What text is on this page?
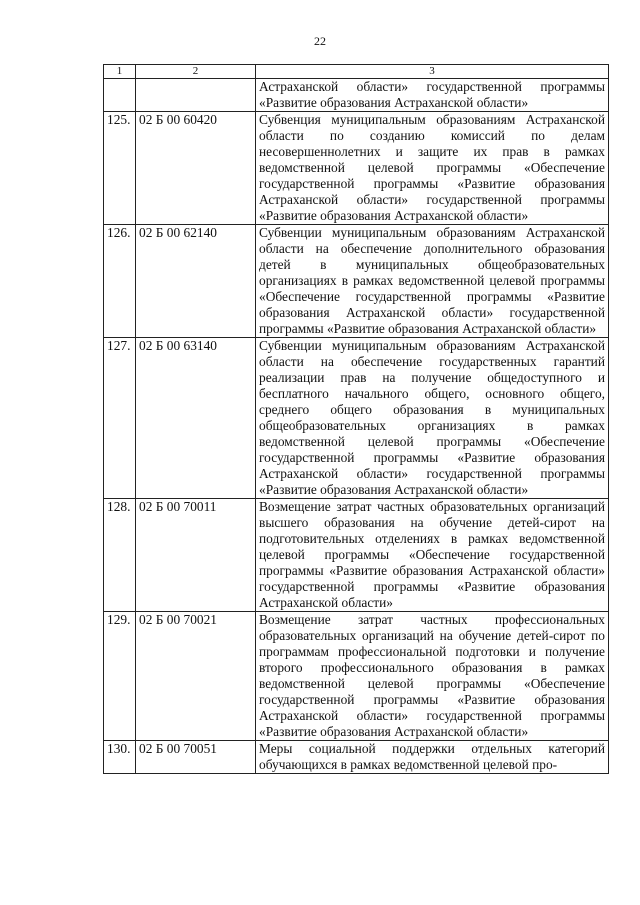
22
1	2	3
		Астраханской области» государственной программы «Развитие образования Астраханской области»
125.	02 Б 00 60420	Субвенция муниципальным образованиям Астраханской области по созданию комиссий по делам несовершеннолетних и защите их прав в рамках ведомственной целевой программы «Обеспечение государственной программы «Развитие образования Астраханской области» государственной программы «Развитие образования Астраханской области»
126.	02 Б 00 62140	Субвенции муниципальным образованиям Астраханской области на обеспечение дополнительного образования детей в муниципальных общеобразовательных организациях в рамках ведомственной целевой программы «Обеспечение государственной программы «Развитие образования Астраханской области» государственной программы «Развитие образования Астраханской области»
127.	02 Б 00 63140	Субвенции муниципальным образованиям Астраханской области на обеспечение государственных гарантий реализации прав на получение общедоступного и бесплатного начального общего, основного общего, среднего общего образования в муниципальных общеобразовательных организациях в рамках ведомственной целевой программы «Обеспечение государственной программы «Развитие образования Астраханской области» государственной программы «Развитие образования Астраханской области»
128.	02 Б 00 70011	Возмещение затрат частных образовательных организаций высшего образования на обучение детей-сирот на подготовительных отделениях в рамках ведомственной целевой программы «Обеспечение государственной программы «Развитие образования Астраханской области» государственной программы «Развитие образования Астраханской области»
129.	02 Б 00 70021	Возмещение затрат частных профессиональных образовательных организаций на обучение детей-сирот по программам профессиональной подготовки и получение второго профессионального образования в рамках ведомственной целевой программы «Обеспечение государственной программы «Развитие образования Астраханской области» государственной программы «Развитие образования Астраханской области»
130.	02 Б 00 70051	Меры социальной поддержки отдельных категорий обучающихся в рамках ведомственной целевой про-
